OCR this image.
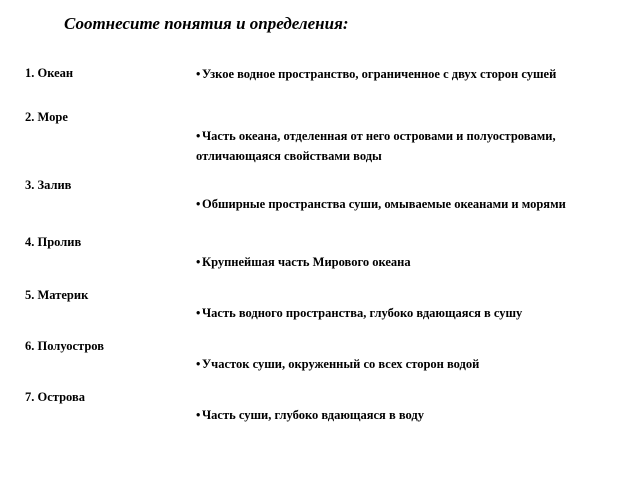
Соотнесите понятия и определения:
1. Океан
2. Море
3. Залив
4. Пролив
5. Материк
6. Полуостров
7. Острова
• Узкое водное пространство, ограниченное с двух сторон сушей
• Часть океана, отделенная от него островами и полуостровами, отличающаяся свойствами воды
• Обширные пространства суши, омываемые океанами и морями
• Крупнейшая часть Мирового океана
• Часть водного пространства, глубоко вдающаяся в сушу
• Участок суши, окруженный со всех сторон водой
• Часть суши, глубоко вдающаяся в воду
